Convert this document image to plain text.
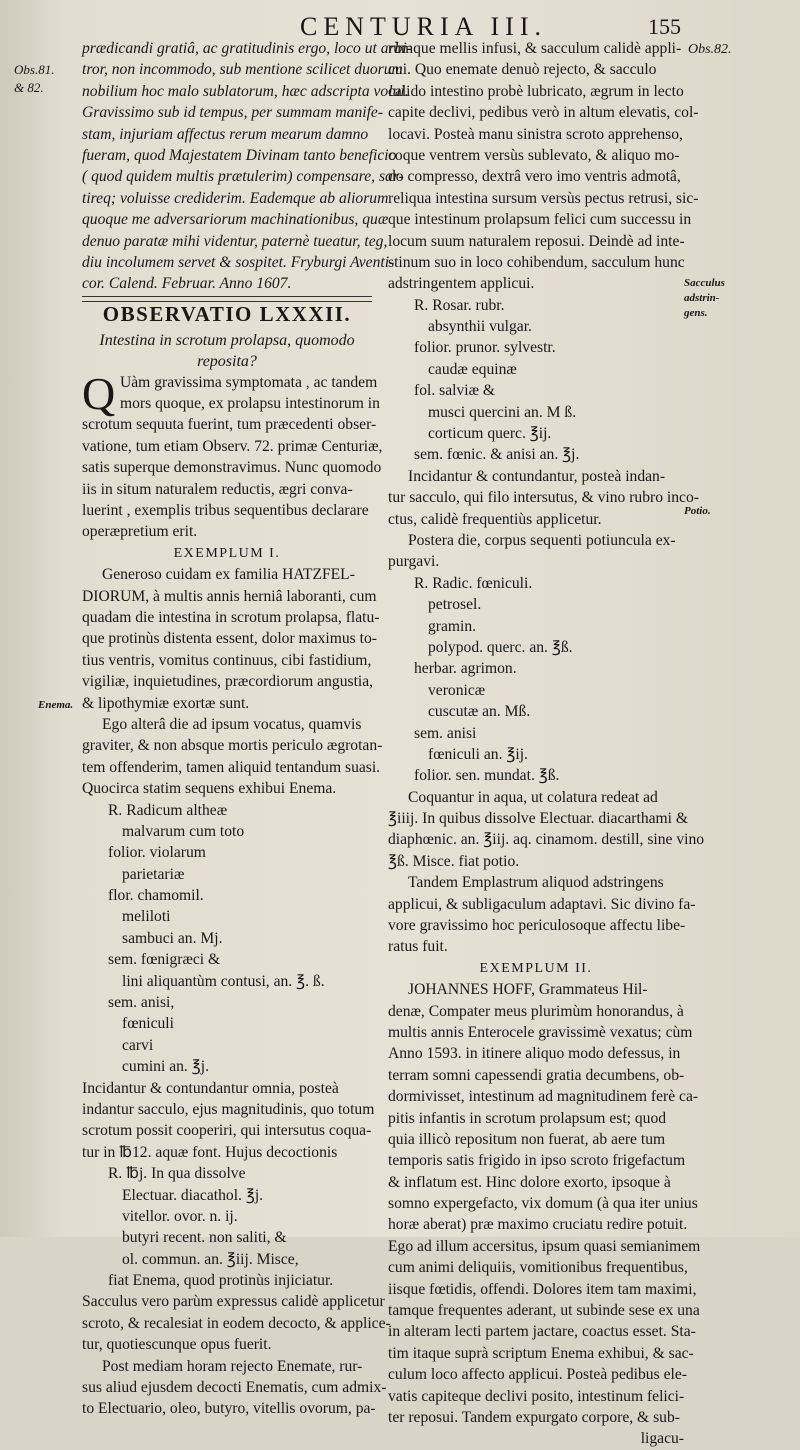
CENTURIA III.	155
Obs.81.
& 82.
Enema.
Obs.82.
Sacculus
adstrin-
gens.
Potio.
prædicandi gratiâ, ac gratitudinis ergo, loco ut arbi-
tror, non incommodo, sub mentione scilicet duorum
nobilium hoc malo sublatorum, hæc adscripta volui.
Gravissimo sub id tempus, per summam manife-
stam, injuriam affectus rerum mearum damno
fueram, quod Majestatem Divinam tanto beneficio
( quod quidem multis prætulerim) compensare, sar-
tireq; voluisse crediderim. Eademque ab aliorum
quoque me adversariorum machinationibus, quæ
denuo paratæ mihi videntur, paternè tueatur, teg,
diu incolumem servet & sospitet. Fryburgi Aventi-
cor. Calend. Februar. Anno 1607.
OBSERVATIO LXXXII.
Intestina in scrotum prolapsa, quomodo
reposita?
Q Uàm gravissima symptomata , ac tandem
mors quoque, ex prolapsu intestinorum in
scrotum sequuta fuerint, tum præcedenti obser-
vatione, tum etiam Observ. 72. primæ Centuriæ,
satis superque demonstravimus. Nunc quomodo
iis in situm naturalem reductis, ægri conva-
luerint , exemplis tribus sequentibus declarare
operæpretium erit.
EXEMPLUM I.
Generoso cuidam ex familia HATZFEL-
DIORUM, à multis annis herniâ laboranti, cum
quadam die intestina in scrotum prolapsa, flatu-
que protinùs distenta essent, dolor maximus to-
tius ventris, vomitus continuus, cibi fastidium,
vigiliæ, inquietudines, præcordiorum angustia,
& lipothymiæ exortæ sunt.
Ego alterâ die ad ipsum vocatus, quamvis
graviter, & non absque mortis periculo ægrotan-
tem offenderim, tamen aliquid tentandum suasi.
Quocirca statim sequens exhibui Enema.
R. Radicum altheæ
malvarum cum toto
folior. violarum
parietariæ
flor. chamomil.
meliloti
sambuci an. Mj.
sem. fœnigræci &
lini aliquantùm contusi, an. ℥. ß.
sem. anisi,
fœniculi
carvi
cumini an. ℥j.
Incidantur & contundantur omnia, posteà
indantur sacculo, ejus magnitudinis, quo totum
scrotum possit cooperiri, qui intersutus coqua-
tur in ℔12. aquæ font. Hujus decoctionis
R. ℔j. In qua dissolve
Electuar. diacathol. ℥j.
vitellor. ovor. n. ij.
butyri recent. non saliti, &
ol. commun. an. ℥iij. Misce,
fiat Enema, quod protinùs injiciatur.
Sacculus vero parùm expressus calidè applicetur
scroto, & recalesiat in eodem decocto, & applice-
tur, quotiescunque opus fuerit.
Post mediam horam rejecto Enemate, rur-
sus aliud ejusdem decocti Enematis, cum admix-
to Electuario, oleo, butyro, vitellis ovorum, pa-
rùmque mellis infusi, & sacculum calidè appli-
cui. Quo enemate denuò rejecto, & sacculo
calido intestino probè lubricato, ægrum in lecto
capite declivi, pedibus verò in altum elevatis, col-
locavi. Posteà manu sinistra scroto apprehenso,
coque ventrem versùs sublevato, & aliquo mo-
do compresso, dextrâ vero imo ventris admotâ,
reliqua intestina sursum versùs pectus retrusi, sic-
que intestinum prolapsum felici cum successu in
locum suum naturalem reposui. Deindè ad inte-
stinum suo in loco cohibendum, sacculum hunc
adstringentem applicui.
R. Rosar. rubr.
absynthii vulgar.
folior. prunor. sylvestr.
caudæ equinæ
fol. salviæ &
musci quercini an. M ß.
corticum querc. ℥ij.
sem. fœnic. & anisi an. ℥j.
Incidantur & contundantur, posteà indan-
tur sacculo, qui filo intersutus, & vino rubro inco-
ctus, calidè frequentiùs applicetur.
Postera die, corpus sequenti potiuncula ex-
purgavi.
R. Radic. fœniculi.
petrosel.
gramin.
polypod. querc. an. ℥ß.
herbar. agrimon.
veronicæ
cuscutæ an. Mß.
sem. anisi
fœniculi an. ℥ij.
folior. sen. mundat. ℥ß.
Coquantur in aqua, ut colatura redeat ad
℥iiij. In quibus dissolve Electuar. diacarthami &
diaphœnic. an. ℥iij. aq. cinamom. destill, sine vino
℥ß. Misce. fiat potio.
Tandem Emplastrum aliquod adstringens
applicui, & subligaculum adaptavi. Sic divino fa-
vore gravissimo hoc periculosoque affectu libe-
ratus fuit.
EXEMPLUM II.
JOHANNES HOFF, Grammateus Hil-
denæ, Compater meus plurimùm honorandus, à
multis annis Enterocele gravissimè vexatus; cùm
Anno 1593. in itinere aliquo modo defessus, in
terram somni capessendi gratia decumbens, ob-
dormivisset, intestinum ad magnitudinem ferè ca-
pitis infantis in scrotum prolapsum est; quod
quia illicò repositum non fuerat, ab aere tum
temporis satis frigido in ipso scroto frigefactum
& inflatum est. Hinc dolore exorto, ipsoque à
somno expergefacto, vix domum (à qua iter unius
horæ aberat) præ maximo cruciatu redire potuit.
Ego ad illum accersitus, ipsum quasi semianimem
cum animi deliquiis, vomitionibus frequentibus,
iisque fœtidis, offendi. Dolores item tam maximi,
tamque frequentes aderant, ut subinde sese ex una
in alteram lecti partem jactare, coactus esset. Sta-
tim itaque suprà scriptum Enema exhibui, & sac-
culum loco affecto applicui. Posteà pedibus ele-
vatis capiteque declivi posito, intestinum felici-
ter reposui. Tandem expurgato corpore, & sub-
ligacu-
